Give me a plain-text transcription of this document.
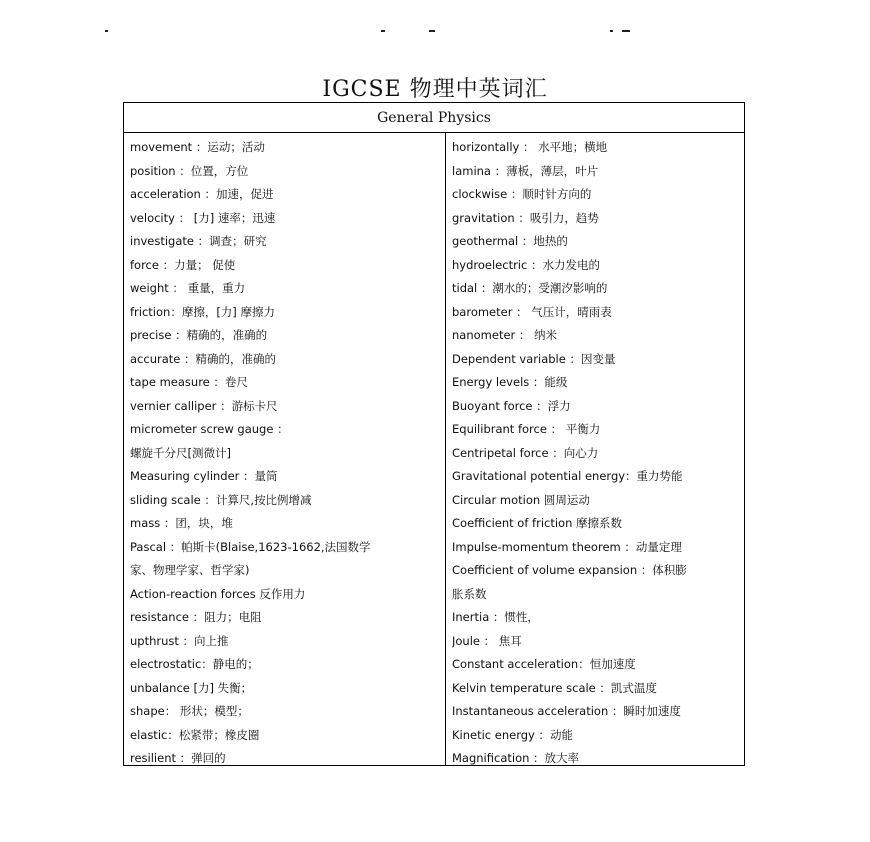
IGCSE 物理中英词汇
General Physics
movement ：运动；活动
position ：位置，方位
acceleration ：加速，促进
velocity ： [力] 速率；迅速
investigate ：调查；研究
force ：力量； 促使
weight ： 重量，重力
friction：摩擦，[力] 摩擦力
precise ：精确的，准确的
accurate ：精确的，准确的
tape measure ：卷尺
vernier calliper ：游标卡尺
micrometer screw gauge ：
螺旋千分尺[测微计]
Measuring cylinder ：量筒
sliding scale ：计算尺,按比例增减
mass ：团，块，堆
Pascal ：帕斯卡(Blaise,1623-1662,法国数学
家、物理学家、哲学家)
Action-reaction forces 反作用力
resistance ：阻力；电阻
upthrust ：向上推
electrostatic：静电的；
unbalance [力] 失衡；
shape： 形状；模型；
elastic：松紧带；橡皮圈
resilient ：弹回的
horizontally ： 水平地；横地
lamina ：薄板，薄层，叶片
clockwise ：顺时针方向的
gravitation ：吸引力，趋势
geothermal ：地热的
hydroelectric ：水力发电的
tidal ：潮水的；受潮汐影响的
barometer ： 气压计，晴雨表
nanometer ： 纳米
Dependent variable ：因变量
Energy levels ：能级
Buoyant force ：浮力
Equilibrant force ： 平衡力
Centripetal force ：向心力
Gravitational potential energy：重力势能
Circular motion 圆周运动
Coefficient of friction 摩擦系数
Impulse-momentum theorem ：动量定理
Coefficient of volume expansion ：体积膨
胀系数
Inertia ：惯性，
Joule ： 焦耳
Constant acceleration：恒加速度
Kelvin temperature scale ：凯式温度
Instantaneous acceleration ：瞬时加速度
Kinetic energy ：动能
Magnification ：放大率
